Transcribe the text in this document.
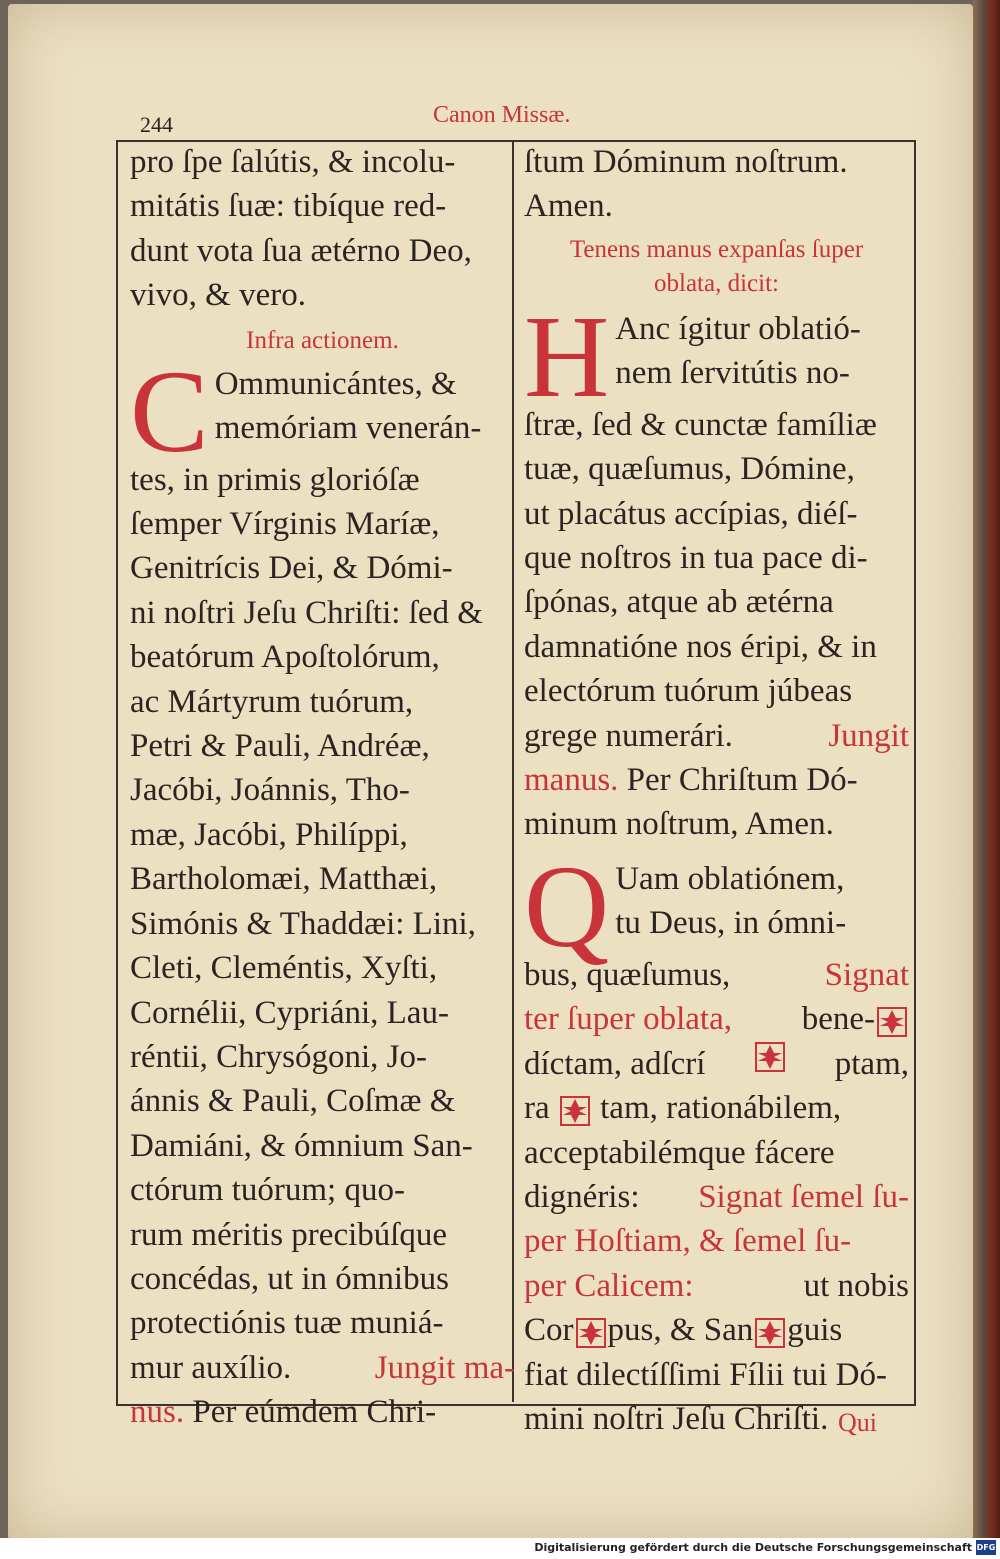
244	Canon Missæ.
pro ſpe ſalútis, & incolu-
mitátis ſuæ: tibíque red-
dunt vota ſua ætérno Deo,
vivo, & vero.
Infra actionem.
C Ommunicántes, &
memóriam venerán-
tes, in primis glorióſæ
ſemper Vírginis Maríæ,
Genitrícis Dei, & Dómi-
ni noſtri Jeſu Chriſti: ſed &
beatórum Apoſtolórum,
ac Mártyrum tuórum,
Petri & Pauli, Andréæ,
Jacóbi, Joánnis, Tho-
mæ, Jacóbi, Philíppi,
Bartholomæi, Matthæi,
Simónis & Thaddæi: Lini,
Cleti, Cleméntis, Xyſti,
Cornélii, Cypriáni, Lau-
réntii, Chrysógoni, Jo-
ánnis & Pauli, Coſmæ &
Damiáni, & ómnium San-
ctórum tuórum; quo-
rum méritis precibúſque
concédas, ut in ómnibus
protectiónis tuæ muniá-
mur auxílio.	Jungit ma-
nus. Per eúmdem Chri-
ſtum Dóminum noſtrum.
Amen.
Tenens manus expanſas ſuper
oblata, dicit:
H Anc ígitur oblatió-
nem ſervitútis no-
ſtræ, ſed & cunctæ famíliæ
tuæ, quæſumus, Dómine,
ut placátus accípias, diéſ-
que noſtros in tua pace di-
ſpónas, atque ab ætérna
damnatióne nos éripi, & in
electórum tuórum júbeas
grege numerári.	Jungit
manus. Per Chriſtum Dó-
minum noſtrum, Amen.
Q Uam oblatiónem,
tu Deus, in ómni-
bus, quæſumus,	Signat
ter ſuper oblata, bene-
díctam, adſcrí	ptam,
ra tam, rationábilem,
acceptabilémque fácere
dignéris: Signat ſemel ſu-
per Hoſtiam, & ſemel ſu-
per Calicem:	ut nobis
Cor pus, & San guis
fiat dilectíſſimi Fílii tui Dó-
mini noſtri Jeſu Chriſti. Qui
Digitalisierung gefördert durch die Deutsche Forschungsgemeinschaft DFG
